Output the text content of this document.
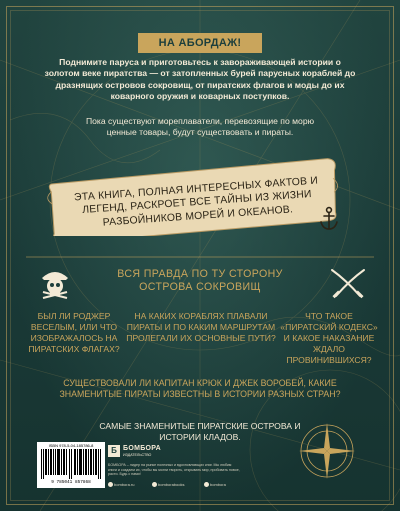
НА АБОРДАЖ!

Поднимите паруса и приготовьтесь к завораживающей истории о золотом веке пиратства — от затопленных бурей парусных кораблей до дразнящих островов сокровищ, от пиратских флагов и моды до их коварного оружия и коварных поступков.

Пока существуют мореплаватели, перевозящие по морю ценные товары, будут существовать и пираты.

ЭТА КНИГА, ПОЛНАЯ ИНТЕРЕСНЫХ ФАКТОВ И ЛЕГЕНД, РАСКРОЕТ ВСЕ ТАЙНЫ ИЗ ЖИЗНИ РАЗБОЙНИКОВ МОРЕЙ И ОКЕАНОВ.

ВСЯ ПРАВДА ПО ТУ СТОРОНУ ОСТРОВА СОКРОВИЩ

БЫЛ ЛИ РОДЖЕР ВЕСЕЛЫМ, ИЛИ ЧТО ИЗОБРАЖАЛОСЬ НА ПИРАТСКИХ ФЛАГАХ?

НА КАКИХ КОРАБЛЯХ ПЛАВАЛИ ПИРАТЫ И ПО КАКИМ МАРШРУТАМ ПРОЛЕГАЛИ ИХ ОСНОВНЫЕ ПУТИ?

ЧТО ТАКОЕ «ПИРАТСКИЙ КОДЕКС» И КАКОЕ НАКАЗАНИЕ ЖДАЛО ПРОВИНИВШИХСЯ?

СУЩЕСТВОВАЛИ ЛИ КАПИТАН КРЮК И ДЖЕК ВОРОБЕЙ, КАКИЕ ЗНАМЕНИТЫЕ ПИРАТЫ ИЗВЕСТНЫ В ИСТОРИИ РАЗНЫХ СТРАН?

САМЫЕ ЗНАМЕНИТЫЕ ПИРАТСКИЕ ОСТРОВА И ИСТОРИИ КЛАДОВ.

ISBN 978-5-04-185786-8
9 785041 857868
Б БОМБОРА
ИЗДАТЕЛЬСТВО

БОМБОРА – лидер на рынке полезных и вдохновляющих книг. Мы любим книги и создаем их, чтобы вы могли творить, открывать мир, пробовать новое, расти. Будь с нами!

bombora.ru	bomborabooks	bombora
